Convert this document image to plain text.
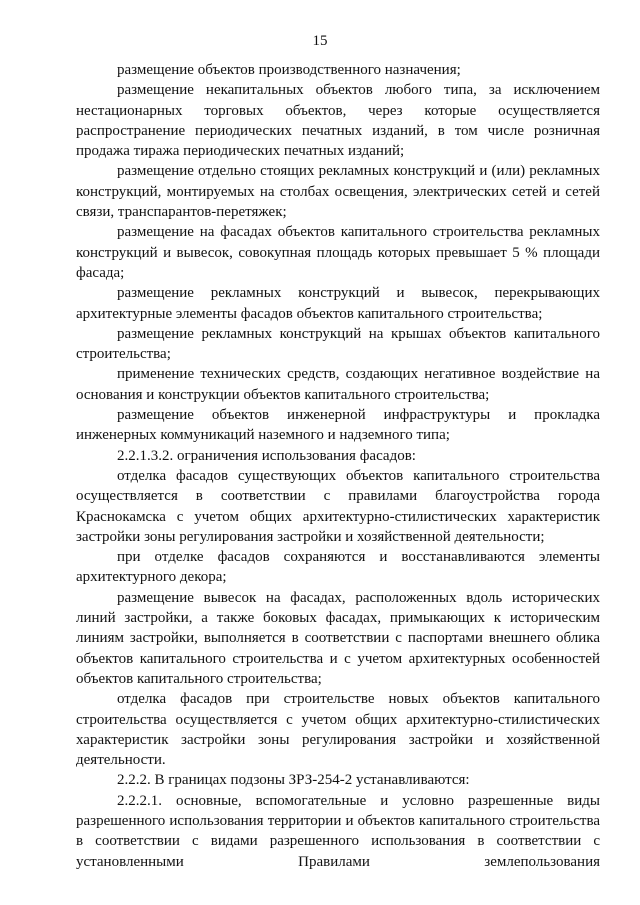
15

размещение объектов производственного назначения;

размещение некапитальных объектов любого типа, за исключением нестационарных торговых объектов, через которые осуществляется распространение периодических печатных изданий, в том числе розничная продажа тиража периодических печатных изданий;

размещение отдельно стоящих рекламных конструкций и (или) рекламных конструкций, монтируемых на столбах освещения, электрических сетей и сетей связи, транспарантов-перетяжек;

размещение на фасадах объектов капитального строительства рекламных конструкций и вывесок, совокупная площадь которых превышает 5 % площади фасада;

размещение рекламных конструкций и вывесок, перекрывающих архитектурные элементы фасадов объектов капитального строительства;

размещение рекламных конструкций на крышах объектов капитального строительства;

применение технических средств, создающих негативное воздействие на основания и конструкции объектов капитального строительства;

размещение объектов инженерной инфраструктуры и прокладка инженерных коммуникаций наземного и надземного типа;

2.2.1.3.2. ограничения использования фасадов:

отделка фасадов существующих объектов капитального строительства осуществляется в соответствии с правилами благоустройства города Краснокамска с учетом общих архитектурно-стилистических характеристик застройки зоны регулирования застройки и хозяйственной деятельности;

при отделке фасадов сохраняются и восстанавливаются элементы архитектурного декора;

размещение вывесок на фасадах, расположенных вдоль исторических линий застройки, а также боковых фасадах, примыкающих к историческим линиям застройки, выполняется в соответствии с паспортами внешнего облика объектов капитального строительства и с учетом архитектурных особенностей объектов капитального строительства;

отделка фасадов при строительстве новых объектов капитального строительства осуществляется с учетом общих архитектурно-стилистических характеристик застройки зоны регулирования застройки и хозяйственной деятельности.

2.2.2. В границах подзоны ЗРЗ-254-2 устанавливаются:

2.2.2.1. основные, вспомогательные и условно разрешенные виды разрешенного использования территории и объектов капитального строительства в соответствии с видами разрешенного использования в соответствии с установленными Правилами землепользования
